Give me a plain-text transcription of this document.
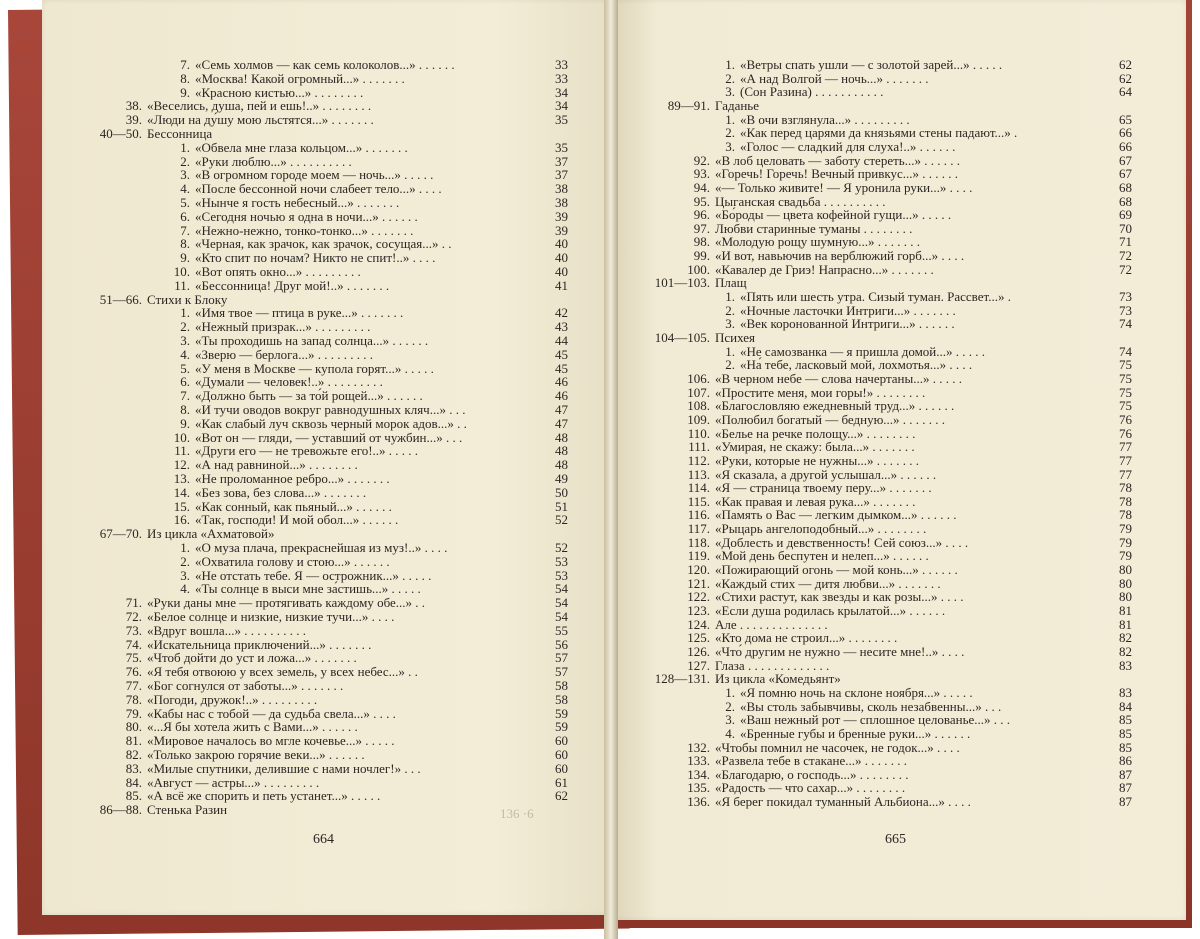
7. «Семь холмов — как семь колоколов...» . . . . . .	33
8. «Москва! Какой огромный...» . . . . . . .	33
9. «Красною кистью...» . . . . . . . .	34
38. «Веселись, душа, пей и ешь!..» . . . . . . . .	34
39. «Люди на ду́шу мою льстятся...» . . . . . . .	35
40—50. Бессонница
1. «Обвела мне глаза кольцом...» . . . . . . .	35
2. «Руки люблю...» . . . . . . . . . .	37
3. «В огромном городе моем — ночь...» . . . . .	37
4. «После бессонной ночи слабеет тело...» . . . .	38
5. «Нынче я гость небесный...» . . . . . . .	38
6. «Сегодня ночью я одна в ночи...» . . . . . .	39
7. «Нежно-нежно, тонко-тонко...» . . . . . . .	39
8. «Черная, как зрачок, как зрачок, сосущая...» . .	40
9. «Кто спит по ночам? Никто не спит!..» . . . .	40
10. «Вот опять окно...» . . . . . . . . .	40
11. «Бессонница! Друг мой!..» . . . . . . .	41
51—66. Стихи к Блоку
1. «Имя твое — птица в руке...» . . . . . . .	42
2. «Нежный призрак...» . . . . . . . . .	43
3. «Ты проходишь на запад солнца...» . . . . . .	44
4. «Зверю — берлога...» . . . . . . . . .	45
5. «У меня в Москве — купола горят...» . . . . .	45
6. «Думали — человек!..» . . . . . . . . .	46
7. «Должно быть — за то́й рощей...» . . . . . .	46
8. «И тучи оводов вокруг равнодушных кляч...» . . .	47
9. «Как слабый луч сквозь черный морок адов...» . .	47
10. «Вот он — гляди, — уставший от чужбин...» . . .	48
11. «Други его — не тревожьте его!..» . . . . .	48
12. «А над равниной...» . . . . . . . .	48
13. «Не проломанное ребро...» . . . . . . .	49
14. «Без зова, без слова...» . . . . . . .	50
15. «Как сонный, как пьяный...» . . . . . .	51
16. «Так, господи! И мой обол...» . . . . . .	52
67—70. Из цикла «Ахматовой»
1. «О муза плача, прекраснейшая из муз!..» . . . .	52
2. «Охватила голову и стою...» . . . . . .	53
3. «Не отстать тебе. Я — острожник...» . . . . .	53
4. «Ты солнце в выси мне за́стишь...» . . . . .	54
71. «Руки даны мне — протягивать каждому обе...» . .	54
72. «Белое солнце и низкие, низкие тучи...» . . . .	54
73. «Вдруг вошла...» . . . . . . . . . .	55
74. «Искательница приключений...» . . . . . . .	56
75. «Чтоб дойти до уст и ложа...» . . . . . . .	57
76. «Я тебя отвоюю у всех земель, у всех небес...» . .	57
77. «Бог согнулся от заботы...» . . . . . . .	58
78. «Погоди, дружок!..» . . . . . . . . .	58
79. «Кабы нас с тобой — да судьба свела...» . . . .	59
80. «...Я бы хотела жить с Вами...» . . . . . .	59
81. «Мировое началось во мгле кочевье...» . . . . .	60
82. «Только закрою горячие веки...» . . . . . .	60
83. «Милые спутники, делившие с нами ночлег!» . . .	60
84. «Август — астры...» . . . . . . . . .	61
85. «А всё же спорить и петь устанет...» . . . . .	62
86—88. Стенька Разин
1. «Ветры спать ушли — с золотой зарей...» . . . . .	62
2. «А над Волгой — ночь...» . . . . . . .	62
3. (Сон Разина) . . . . . . . . . . .	64
89—91. Гаданье
1. «В очи взглянула...» . . . . . . . . .	65
2. «Как перед царями да князьями стены падают...» .	66
3. «Голос — сладкий для слуха!..» . . . . . .	66
92. «В лоб целовать — заботу стереть...» . . . . . .	67
93. «Горечь! Горечь! Вечный привкус...» . . . . . .	67
94. «— Только живите! — Я уронила руки...» . . . .	68
95. Цыганская свадьба . . . . . . . . . .	68
96. «Бо́роды — цвета кофейной гущи...» . . . . .	69
97. Любви старинные туманы . . . . . . . .	70
98. «Молодую рощу шумную...» . . . . . . .	71
99. «И вот, навьючив на верблюжий горб...» . . . .	72
100. «Кавалер де Гриэ! Напрасно...» . . . . . . .	72
101—103. Плащ
1. «Пять или шесть утра. Сизый туман. Рассвет...» .	73
2. «Ночные ласточки Интриги...» . . . . . . .	73
3. «Век коронованной Интриги...» . . . . . .	74
104—105. Психея
1. «Не самозванка — я пришла домой...» . . . . .	74
2. «На́ тебе, ласковый мой, лохмотья...» . . . .	75
106. «В черном небе — слова начертаны...» . . . . .	75
107. «Простите меня, мои горы!» . . . . . . . .	75
108. «Благословляю ежедневный труд...» . . . . . .	75
109. «Полюбил богатый — бедную...» . . . . . . .	76
110. «Белье на речке полощу...» . . . . . . . .	76
111. «Умирая, не скажу: была...» . . . . . . .	77
112. «Руки, которые не нужны...» . . . . . . .	77
113. «Я сказала, а другой услышал...» . . . . . .	77
114. «Я — страница твоему перу...» . . . . . . .	78
115. «Как правая и левая рука...» . . . . . . .	78
116. «Память о Вас — легким дымком...» . . . . . .	78
117. «Рыцарь ангелоподобный...» . . . . . . . .	79
118. «Доблесть и девственность! Сей союз...» . . . .	79
119. «Мой день беспутен и нелеп...» . . . . . .	79
120. «Пожирающий огонь — мой конь...» . . . . . .	80
121. «Каждый стих — дитя любви...» . . . . . . .	80
122. «Стихи растут, как звезды и как розы...» . . . .	80
123. «Если душа родилась крылатой...» . . . . . .	81
124. Але . . . . . . . . . . . . . .	81
125. «Кто дома не строил...» . . . . . . . .	82
126. «Что́ другим не нужно — несите мне!..» . . . .	82
127. Глаза . . . . . . . . . . . . .	83
128—131. Из цикла «Комедьянт»
1. «Я помню ночь на склоне ноября...» . . . . .	83
2. «Вы столь забывчивы, сколь незабвенны...» . . .	84
3. «Ваш нежный рот — сплошное целованье...» . . .	85
4. «Бренные губы и бренные руки...» . . . . . .	85
132. «Чтобы помнил не часочек, не годок...» . . . .	85
133. «Развела тебе в стакане...» . . . . . . .	86
134. «Благодарю, о господь...» . . . . . . . .	87
135. «Радость — что сахар...» . . . . . . . .	87
136. «Я берег покидал туманный Альбиона...» . . . .	87
136 ·6
664	665
